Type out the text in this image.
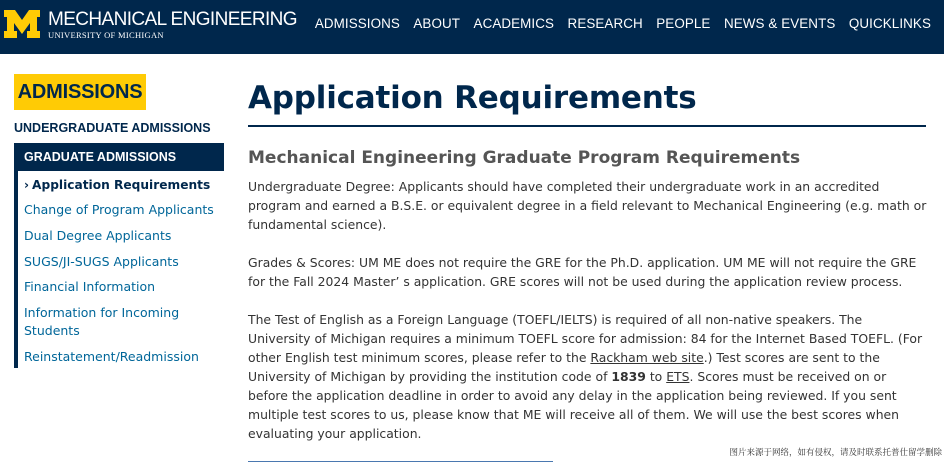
MECHANICAL ENGINEERING
UNIVERSITY OF MICHIGAN
ADMISSIONS ABOUT ACADEMICS RESEARCH PEOPLE NEWS & EVENTS QUICKLINKS
ADMISSIONS
UNDERGRADUATE ADMISSIONS
GRADUATE ADMISSIONS
› Application Requirements
Change of Program Applicants
Dual Degree Applicants
SUGS/JI-SUGS Applicants
Financial Information
Information for Incoming Students
Reinstatement/Readmission
Application Requirements
Mechanical Engineering Graduate Program Requirements

Undergraduate Degree: Applicants should have completed their undergraduate work in an accredited program and earned a B.S.E. or equivalent degree in a field relevant to Mechanical Engineering (e.g. math or fundamental science).

Grades & Scores: UM ME does not require the GRE for the Ph.D. application. UM ME will not require the GRE for the Fall 2024 Master’ s application. GRE scores will not be used during the application review process.

The Test of English as a Foreign Language (TOEFL/IELTS) is required of all non-native speakers. The University of Michigan requires a minimum TOEFL score for admission: 84 for the Internet Based TOEFL. (For other English test minimum scores, please refer to the Rackham web site.) Test scores are sent to the University of Michigan by providing the institution code of 1839 to ETS. Scores must be received on or before the application deadline in order to avoid any delay in the application being reviewed. If you sent multiple test scores to us, please know that ME will receive all of them. We will use the best scores when evaluating your application.

图片来源于网络，如有侵权，请及时联系托普仕留学删除
